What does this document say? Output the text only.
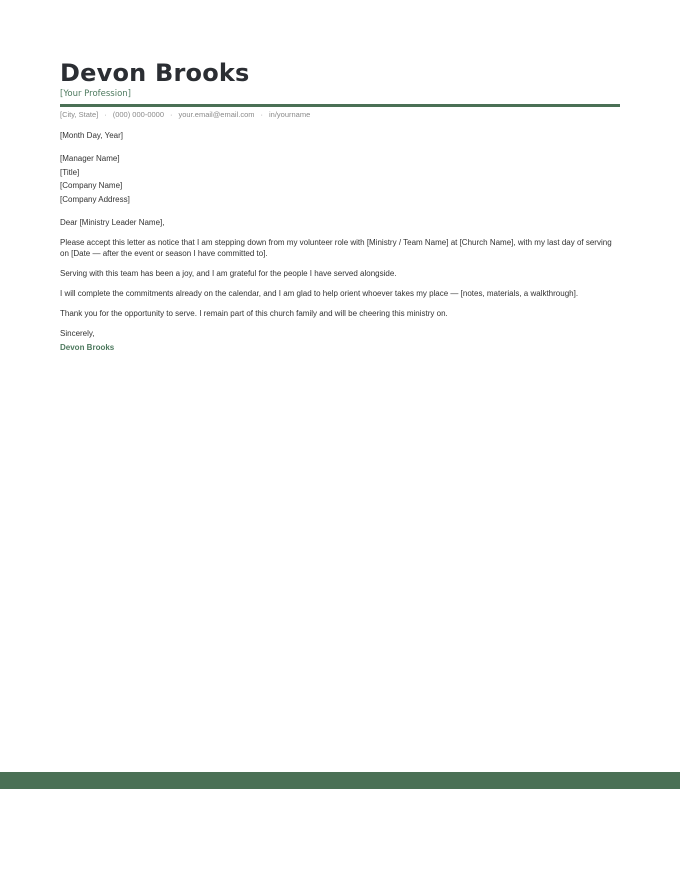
Devon Brooks
[Your Profession]
[City, State] · (000) 000-0000 · your.email@email.com · in/yourname

[Month Day, Year]

[Manager Name]

[Title]

[Company Name]

[Company Address]

Dear [Ministry Leader Name],

Please accept this letter as notice that I am stepping down from my volunteer role with [Ministry / Team Name] at [Church Name], with my last day of serving on [Date — after the event or season I have committed to].

Serving with this team has been a joy, and I am grateful for the people I have served alongside.

I will complete the commitments already on the calendar, and I am glad to help orient whoever takes my place — [notes, materials, a walkthrough].

Thank you for the opportunity to serve. I remain part of this church family and will be cheering this ministry on.

Sincerely,

Devon Brooks
